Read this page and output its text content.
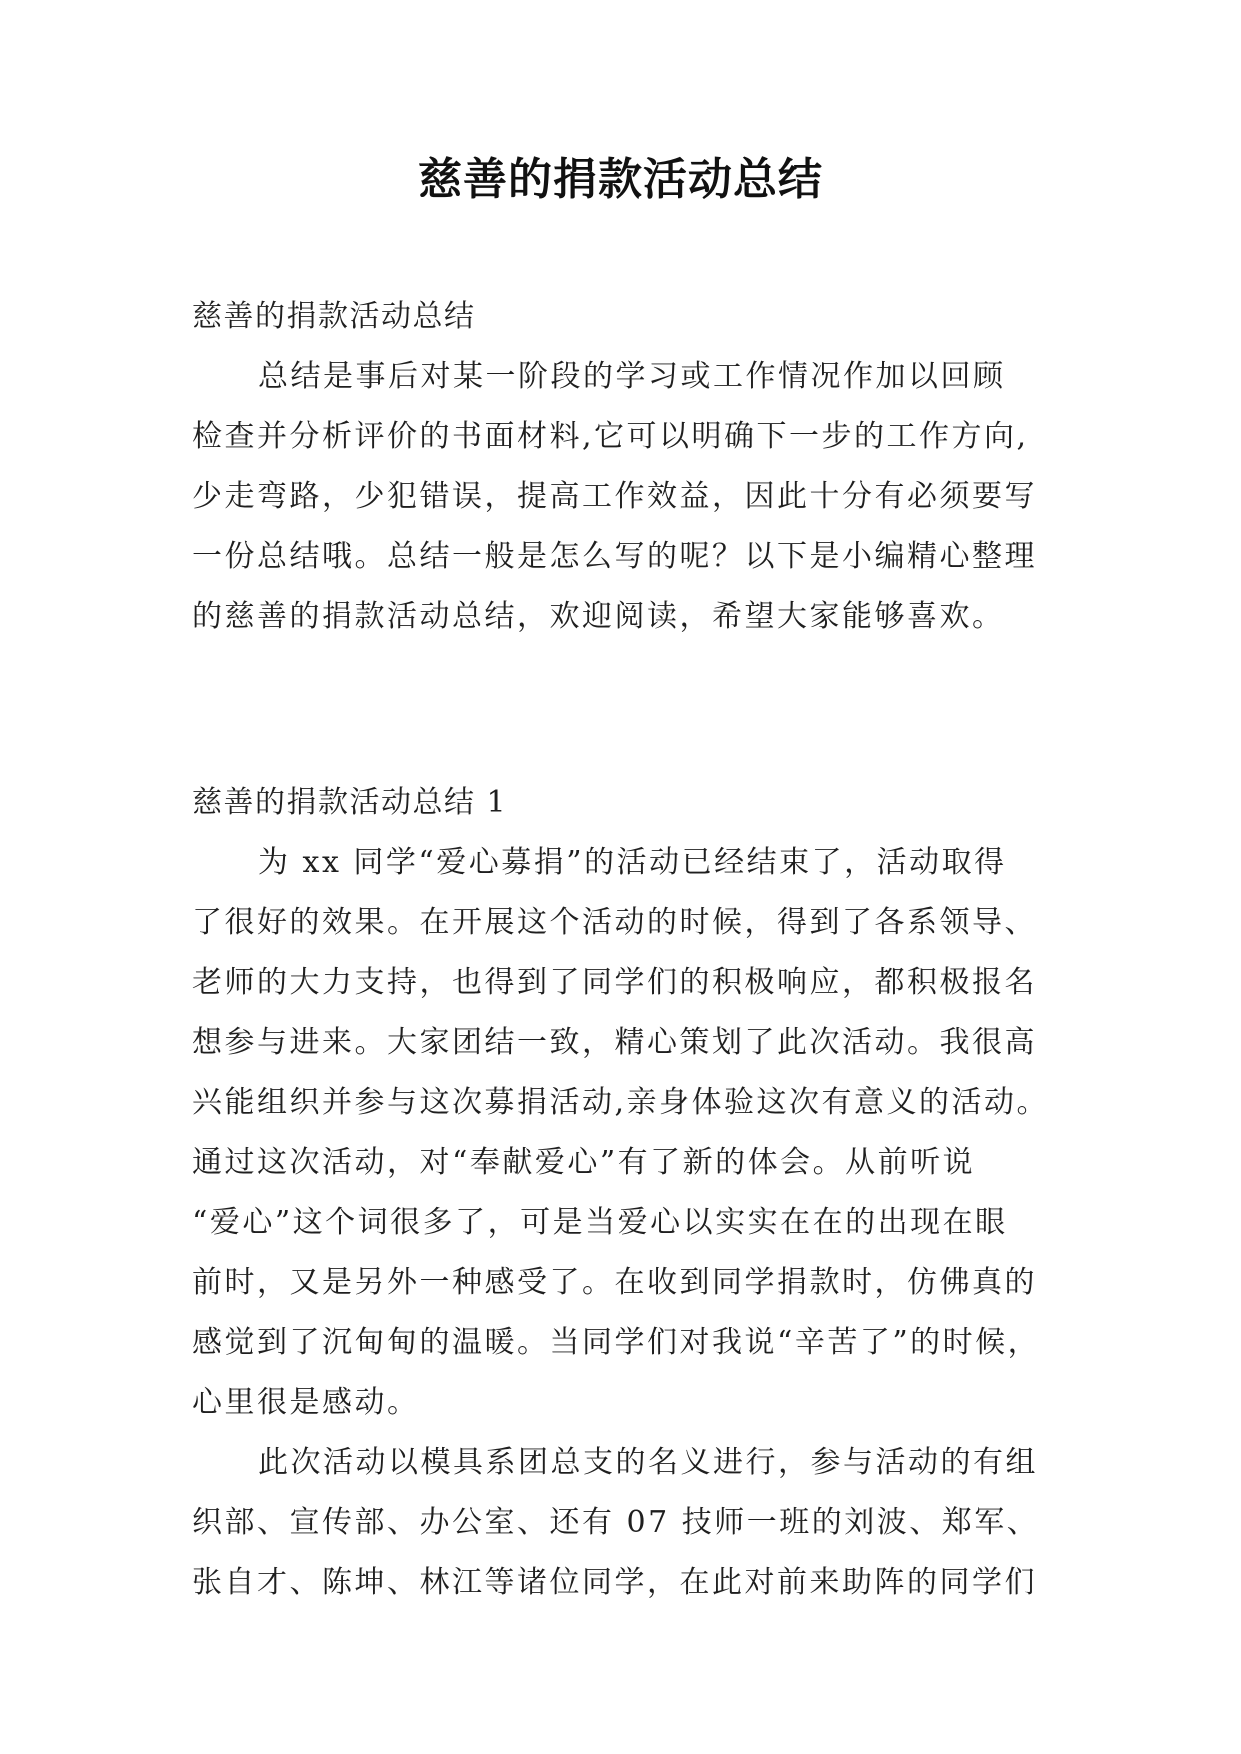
慈善的捐款活动总结
慈善的捐款活动总结
总结是事后对某一阶段的学习或工作情况作加以回顾
检查并分析评价的书面材料,它可以明确下一步的工作方向,
少走弯路，少犯错误，提高工作效益，因此十分有必须要写
一份总结哦。总结一般是怎么写的呢？以下是小编精心整理
的慈善的捐款活动总结，欢迎阅读，希望大家能够喜欢。
慈善的捐款活动总结 1
为 xx 同学“爱心募捐”的活动已经结束了，活动取得
了很好的效果。在开展这个活动的时候，得到了各系领导、
老师的大力支持，也得到了同学们的积极响应，都积极报名
想参与进来。大家团结一致，精心策划了此次活动。我很高
兴能组织并参与这次募捐活动,亲身体验这次有意义的活动。
通过这次活动，对“奉献爱心”有了新的体会。从前听说
“爱心”这个词很多了，可是当爱心以实实在在的出现在眼
前时，又是另外一种感受了。在收到同学捐款时，仿佛真的
感觉到了沉甸甸的温暖。当同学们对我说“辛苦了”的时候，
心里很是感动。
此次活动以模具系团总支的名义进行，参与活动的有组
织部、宣传部、办公室、还有 07 技师一班的刘波、郑军、
张自才、陈坤、林江等诸位同学，在此对前来助阵的同学们
